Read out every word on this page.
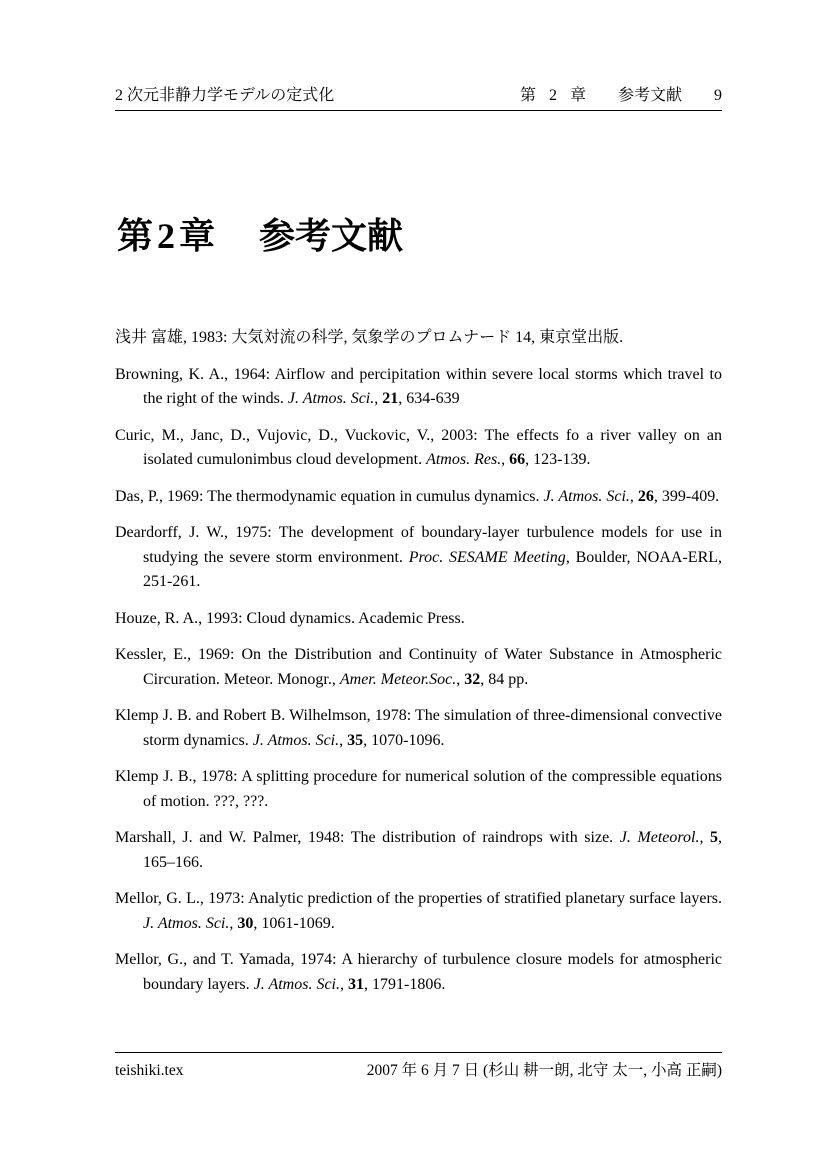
2 次元非静力学モデルの定式化	第 2 章 参考文献 9
第 2 章 参考文献

浅井 富雄, 1983: 大気対流の科学, 気象学のプロムナード 14, 東京堂出版.

Browning, K. A., 1964: Airflow and percipitation within severe local storms which travel to the right of the winds. J. Atmos. Sci., 21, 634-639

Curic, M., Janc, D., Vujovic, D., Vuckovic, V., 2003: The effects fo a river valley on an isolated cumulonimbus cloud development. Atmos. Res., 66, 123-139.

Das, P., 1969: The thermodynamic equation in cumulus dynamics. J. Atmos. Sci., 26, 399-409.

Deardorff, J. W., 1975: The development of boundary-layer turbulence models for use in studying the severe storm environment. Proc. SESAME Meeting, Boulder, NOAA-ERL, 251-261.

Houze, R. A., 1993: Cloud dynamics. Academic Press.

Kessler, E., 1969: On the Distribution and Continuity of Water Substance in Atmospheric Circuration. Meteor. Monogr., Amer. Meteor.Soc., 32, 84 pp.

Klemp J. B. and Robert B. Wilhelmson, 1978: The simulation of three-dimensional convective storm dynamics. J. Atmos. Sci., 35, 1070-1096.

Klemp J. B., 1978: A splitting procedure for numerical solution of the compressible equations of motion. ???, ???.

Marshall, J. and W. Palmer, 1948: The distribution of raindrops with size. J. Meteorol., 5, 165–166.

Mellor, G. L., 1973: Analytic prediction of the properties of stratified planetary surface layers. J. Atmos. Sci., 30, 1061-1069.

Mellor, G., and T. Yamada, 1974: A hierarchy of turbulence closure models for atmospheric boundary layers. J. Atmos. Sci., 31, 1791-1806.

teishiki.tex	2007 年 6 月 7 日 (杉山 耕一朗, 北守 太一, 小高 正嗣)
